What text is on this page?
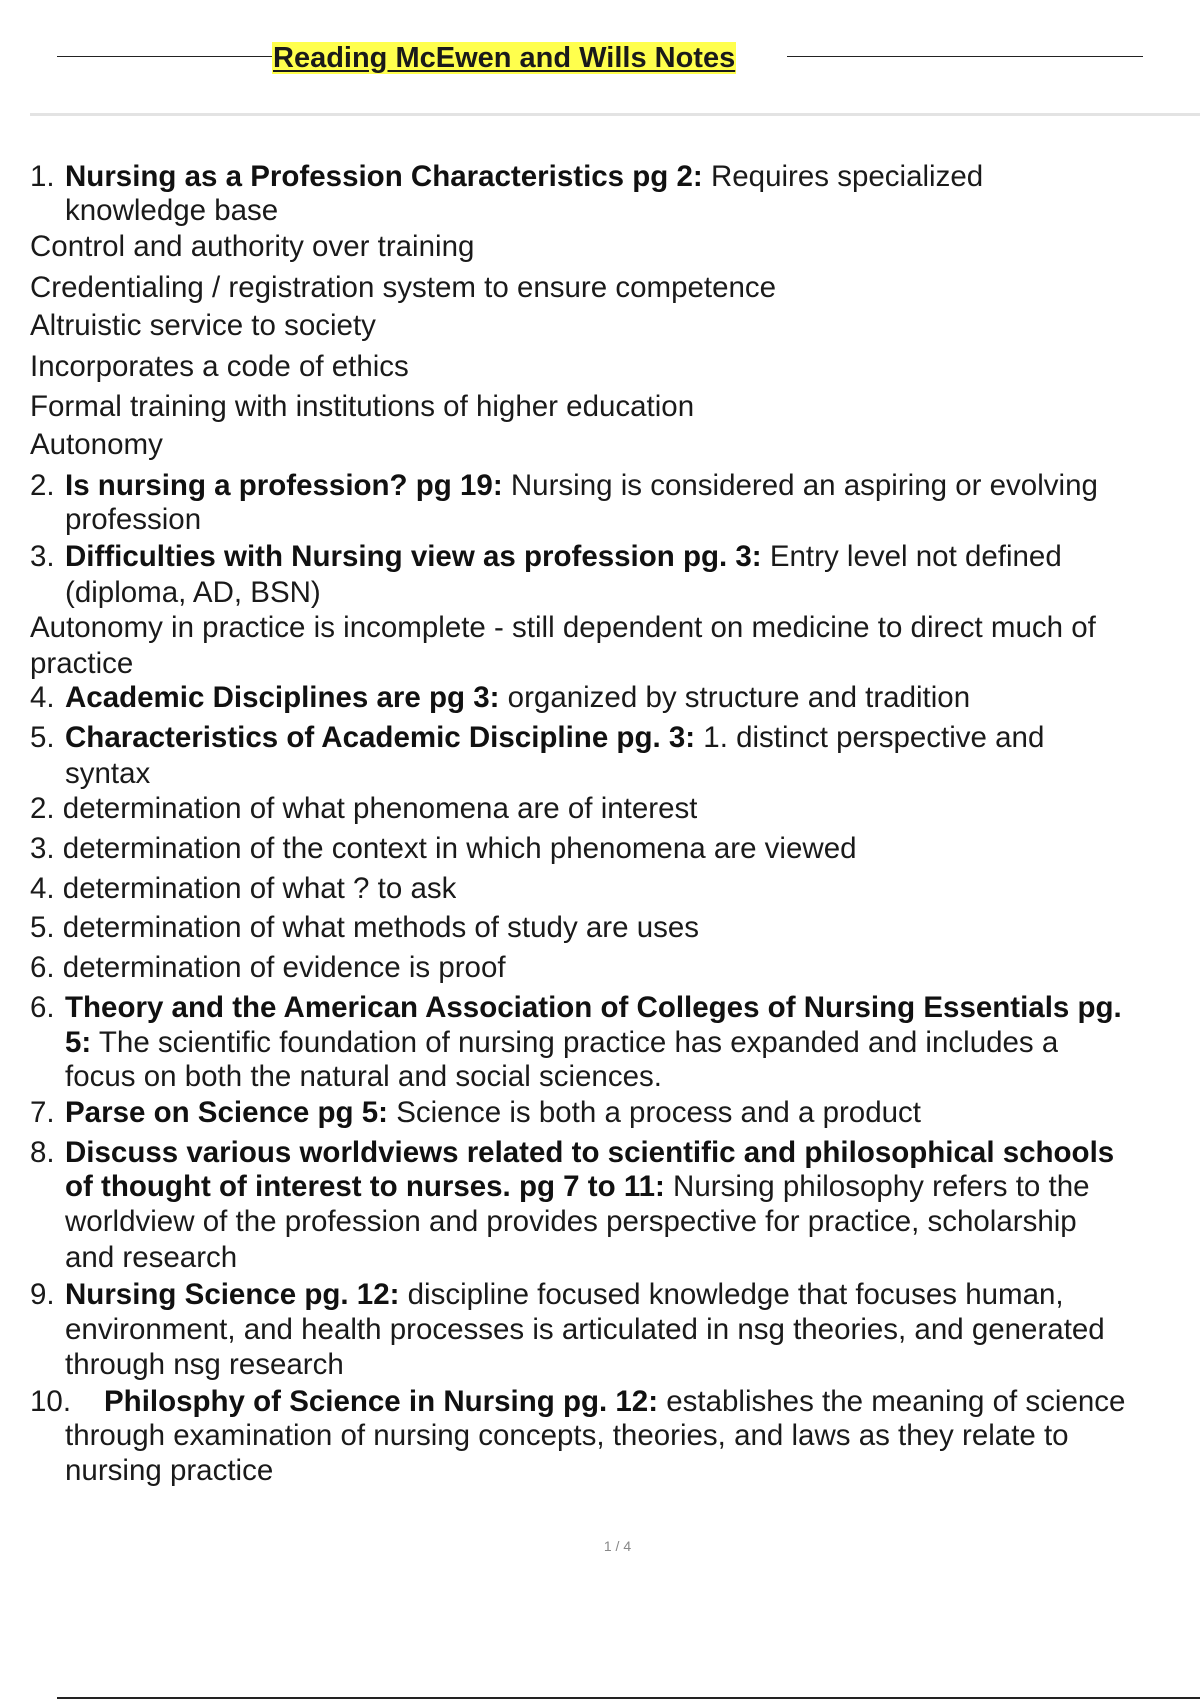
Reading McEwen and Wills Notes
1. Nursing as a Profession Characteristics pg 2: Requires specialized
knowledge base
Control and authority over training
Credentialing / registration system to ensure competence
Altruistic service to society
Incorporates a code of ethics
Formal training with institutions of higher education
Autonomy
2. Is nursing a profession? pg 19: Nursing is considered an aspiring or evolving
profession
3. Difficulties with Nursing view as profession pg. 3: Entry level not defined
(diploma, AD, BSN)
Autonomy in practice is incomplete - still dependent on medicine to direct much of
practice
4. Academic Disciplines are pg 3: organized by structure and tradition
5. Characteristics of Academic Discipline pg. 3: 1. distinct perspective and
syntax
2. determination of what phenomena are of interest
3. determination of the context in which phenomena are viewed
4. determination of what ? to ask
5. determination of what methods of study are uses
6. determination of evidence is proof
6. Theory and the American Association of Colleges of Nursing Essentials pg.
5: The scientific foundation of nursing practice has expanded and includes a
focus on both the natural and social sciences.
7. Parse on Science pg 5: Science is both a process and a product
8. Discuss various worldviews related to scientific and philosophical schools
of thought of interest to nurses. pg 7 to 11: Nursing philosophy refers to the
worldview of the profession and provides perspective for practice, scholarship
and research
9. Nursing Science pg. 12: discipline focused knowledge that focuses human,
environment, and health processes is articulated in nsg theories, and generated
through nsg research
10. Philosphy of Science in Nursing pg. 12: establishes the meaning of science
through examination of nursing concepts, theories, and laws as they relate to
nursing practice
1 / 4
